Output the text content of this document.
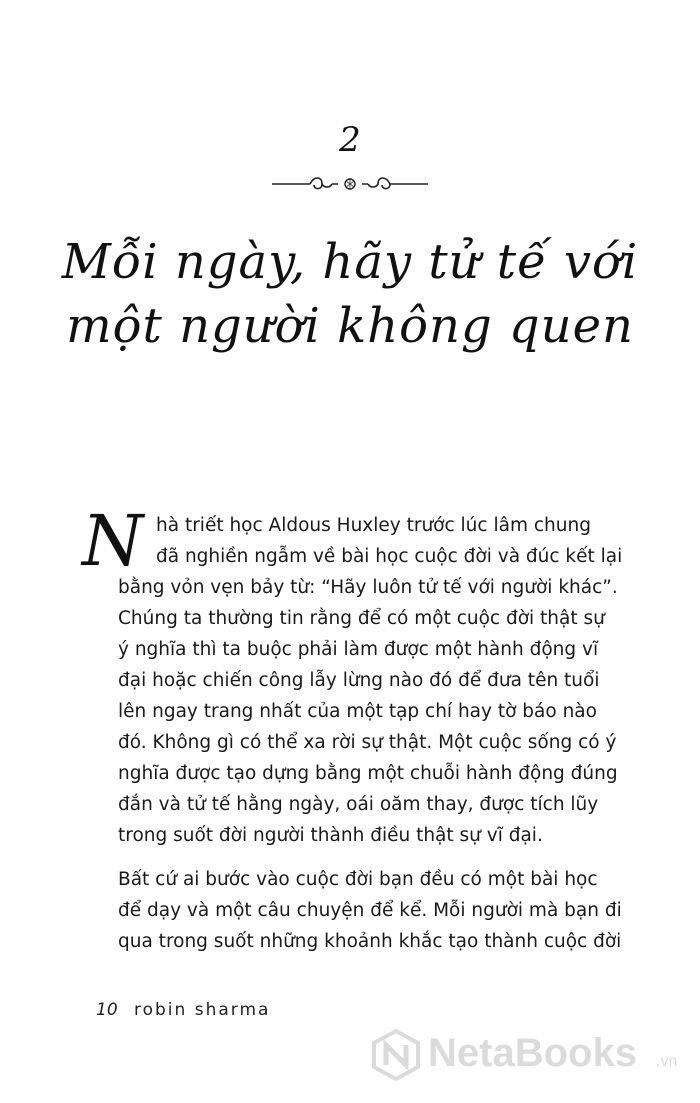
2
Mỗi ngày, hãy tử tế với
một người không quen
N hà triết học Aldous Huxley trước lúc lâm chung
đã nghiền ngẫm về bài học cuộc đời và đúc kết lại
bằng vỏn vẹn bảy từ: “Hãy luôn tử tế với người khác”.
Chúng ta thường tin rằng để có một cuộc đời thật sự
ý nghĩa thì ta buộc phải làm được một hành động vĩ
đại hoặc chiến công lẫy lừng nào đó để đưa tên tuổi
lên ngay trang nhất của một tạp chí hay tờ báo nào
đó. Không gì có thể xa rời sự thật. Một cuộc sống có ý
nghĩa được tạo dựng bằng một chuỗi hành động đúng
đắn và tử tế hằng ngày, oái oăm thay, được tích lũy
trong suốt đời người thành điều thật sự vĩ đại.
Bất cứ ai bước vào cuộc đời bạn đều có một bài học
để dạy và một câu chuyện để kể. Mỗi người mà bạn đi
qua trong suốt những khoảnh khắc tạo thành cuộc đời
10 robin sharma
NetaBooks .vn
